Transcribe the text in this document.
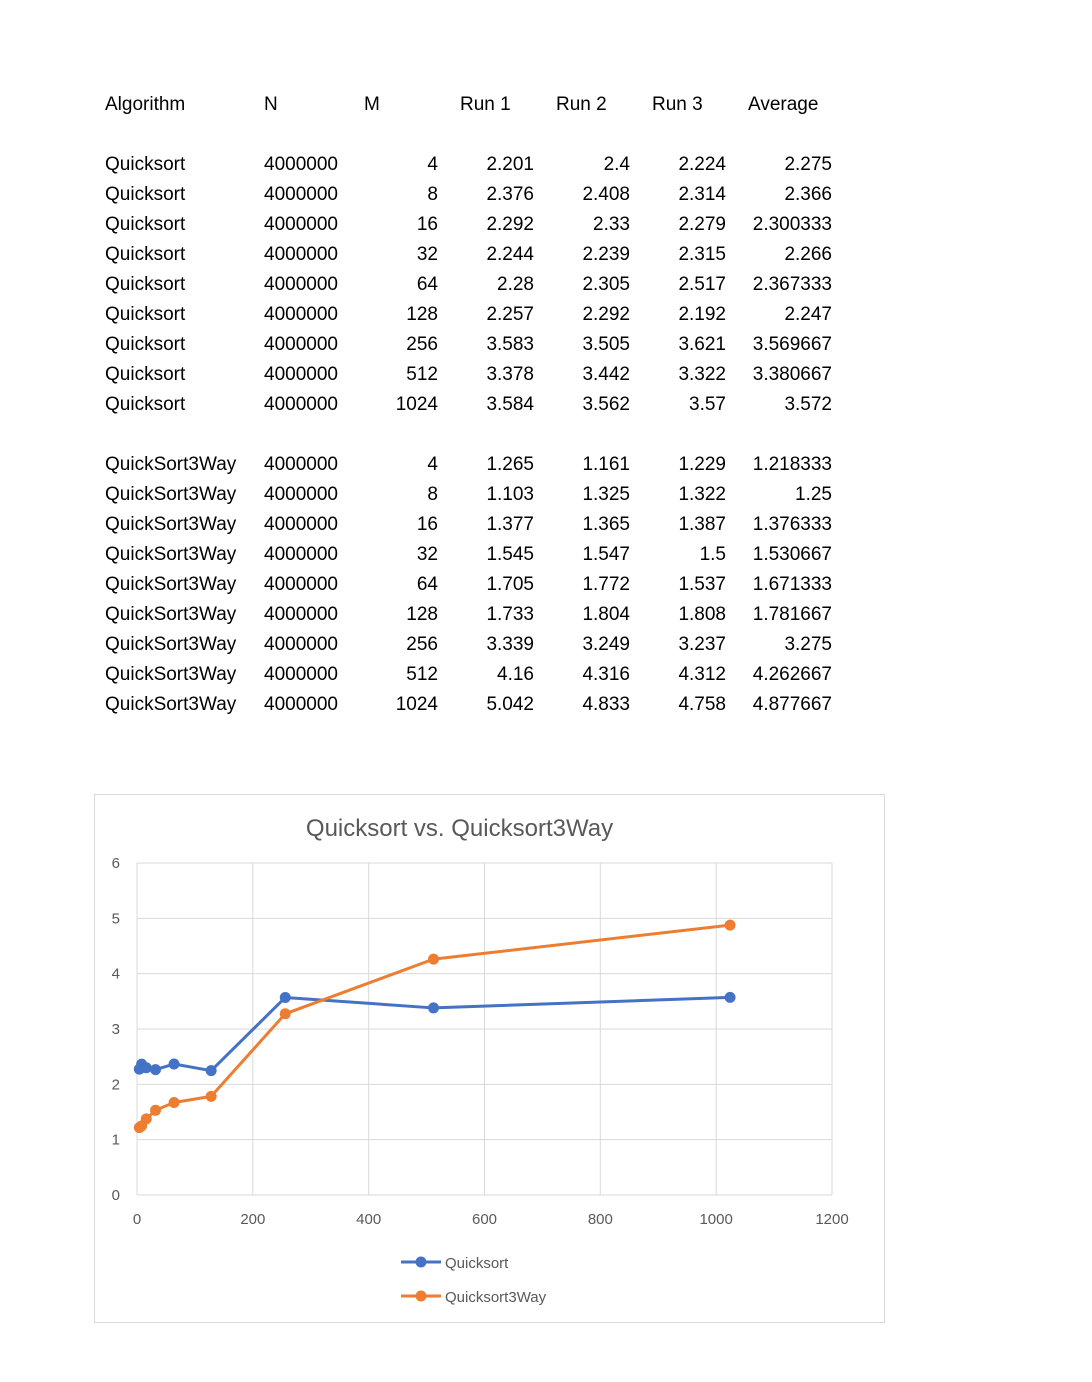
Algorithm	N	M	Run 1	Run 2	Run 3	Average
Quicksort	4000000	4	2.201	2.4	2.224	2.275
Quicksort	4000000	8	2.376	2.408	2.314	2.366
Quicksort	4000000	16	2.292	2.33	2.279	2.300333
Quicksort	4000000	32	2.244	2.239	2.315	2.266
Quicksort	4000000	64	2.28	2.305	2.517	2.367333
Quicksort	4000000	128	2.257	2.292	2.192	2.247
Quicksort	4000000	256	3.583	3.505	3.621	3.569667
Quicksort	4000000	512	3.378	3.442	3.322	3.380667
Quicksort	4000000	1024	3.584	3.562	3.57	3.572
QuickSort3Way	4000000	4	1.265	1.161	1.229	1.218333
QuickSort3Way	4000000	8	1.103	1.325	1.322	1.25
QuickSort3Way	4000000	16	1.377	1.365	1.387	1.376333
QuickSort3Way	4000000	32	1.545	1.547	1.5	1.530667
QuickSort3Way	4000000	64	1.705	1.772	1.537	1.671333
QuickSort3Way	4000000	128	1.733	1.804	1.808	1.781667
QuickSort3Way	4000000	256	3.339	3.249	3.237	3.275
QuickSort3Way	4000000	512	4.16	4.316	4.312	4.262667
QuickSort3Way	4000000	1024	5.042	4.833	4.758	4.877667
Quicksort vs. Quicksort3Way
0	200	400	600	800	1000	1200
0
1
2
3
4
5
6
Quicksort
Quicksort3Way
